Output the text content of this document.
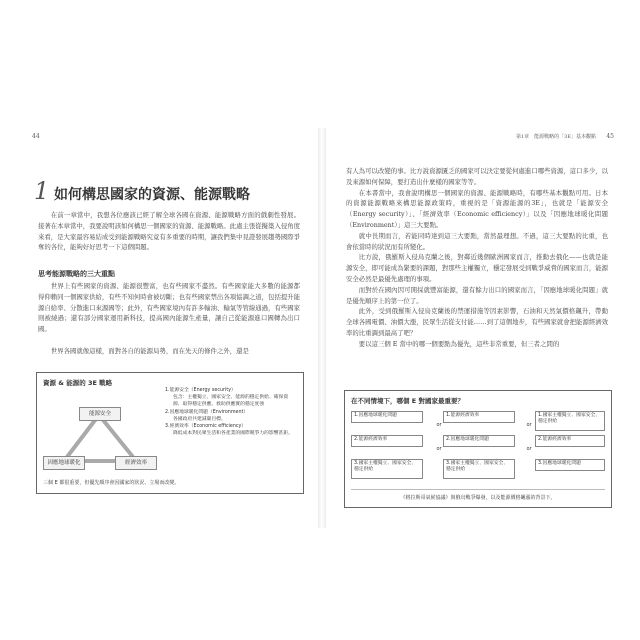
44
1 如何構思國家的資源、能源戰略

在前一章當中，我想各位應該已經了解全球各國在資源、能源戰略方面的戲劇性發展。接著在本章當中，我要說明該如何構思一個國家的資源、能源戰略。此處主張從擬築入侵角度來看，是大家最容易結成受到能源戰略究竟有多重要的時期，讓我們集中見證發展趨勢國際爭奪的各位，能夠好好思考一下這個問題。

思考能源戰略的三大重點

世界上有些國家的資源、能源很豐富，也有些國家不盡然。有些國家能大多數的能源都得仰賴同一個國家供給，有些不知何時會被切斷；也有些國家禁出各項協調之道，包括提升能源自給率、分散進口來源國等；此外，有些國家境內有許多輸油、輸氣等管線通過，有些國家則被繞過；還有部分國家運用新科技，提高國內能源生產量，讓自己從能源進口國轉為出口國。

世界各國就像這樣，面對各自的能源局勢，而在先天的條件之外，還是

資源 & 能源的 3E 戰略
能源安全
因應地球暖化	經濟效率
1.能源安全（Energy security）
包含：主權獨立、國家安全、能源的穩定供給、確保資源、取得穩定供應、救助供應實的穩定度強
2.因應地球暖化問題（Environment）
各國政府共建減碳目標。
3.經濟效率（Economic efficiency）
降低成本對民眾生活和各產業的國際競爭力的影響甚鉅。
三個 E 都很重要，但優先順序會因國家的狀況、立場而改變。
第1章　能源戰略的「3E」基本觀點 45

有人為可以改變的事。比方說資源匱乏的國家可以決定要從何處進口哪些資源，這口多少，以及來源如何保障，要打造出什麼樣的國家等等。

在本書當中，我會說明構思一個國家的資源、能源戰略時，有哪些基本觀點可用。日本的資源能源戰略來構思能源政策時，重視的是「資源能源的3E」，也就是「能源安全（Energy security）」、「經濟效率（Economic efficiency）」以及「因應地球暖化問題（Environment）」這三大要點。

就中長期而言，若能同時達到這三大要點，當然最理想。不過，這三大要點的比重，也會依當時的狀況而有所變化。

比方說，俄羅斯入侵烏克蘭之後，對鄰近幾個歐洲國家而言，推動去俄化——也就是能源安全，即可能成為緊要的課題，對那些主權獨立，穩定發展受到戰爭威脅的國家而言，能源安全必然是最優先處理的事項。

而對於在國內因可開採就豐富能源，還有餘力出口的國家而言，「因應地球暖化問題」就是優先順序上的第一位了。

此外，受到俄羅斯入侵烏克蘭後的禁運措施等因素影響，石油和天然氣價格飆升，帶動全球各國電價、油價大漲，民眾生活從支付能……到了這個地步，有些國家就會把能源經濟效率的比重調到最高了吧？

要以這三個 E 當中的哪一個要點為優先，這些非常重要，但三者之間的

在不同情境下，哪個 E 對國家最重要？
1.因應地球暖化問題
2.能源經濟效率
3.國家主權獨立、國家安全、穩定供給
or
or
1.能源經濟效率
2.因應地球暖化問題
3.國家主權獨立、國家安全、穩定供給
or
or
1.國家主權獨立、國家安全、穩定供給
2.能源經濟效率
3.因應地球暖化問題
《格拉斯哥氣候協議》與俄烏戰爭爆發，以及能源價格飆漲的背景下。
